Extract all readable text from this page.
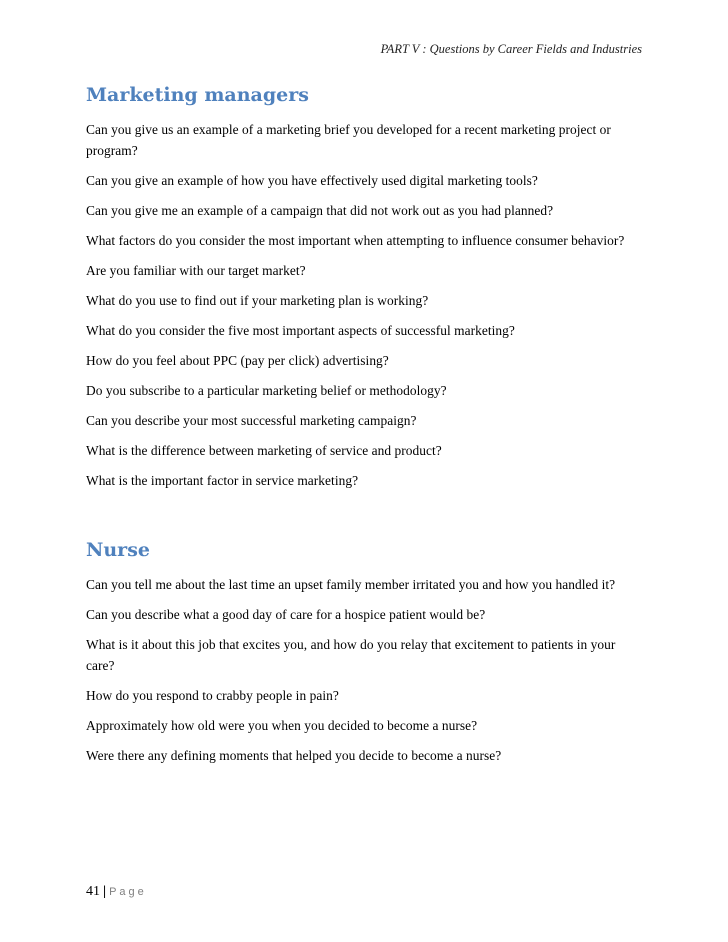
PART V : Questions by Career Fields and Industries
Marketing managers

Can you give us an example of a marketing brief you developed for a recent marketing project or program?

Can you give an example of how you have effectively used digital marketing tools?

Can you give me an example of a campaign that did not work out as you had planned?

What factors do you consider the most important when attempting to influence consumer behavior?

Are you familiar with our target market?

What do you use to find out if your marketing plan is working?

What do you consider the five most important aspects of successful marketing?

How do you feel about PPC (pay per click) advertising?

Do you subscribe to a particular marketing belief or methodology?

Can you describe your most successful marketing campaign?

What is the difference between marketing of service and product?

What is the important factor in service marketing?

Nurse

Can you tell me about the last time an upset family member irritated you and how you handled it?

Can you describe what a good day of care for a hospice patient would be?

What is it about this job that excites you, and how do you relay that excitement to patients in your care?

How do you respond to crabby people in pain?

Approximately how old were you when you decided to become a nurse?

Were there any defining moments that helped you decide to become a nurse?

41 | Page
